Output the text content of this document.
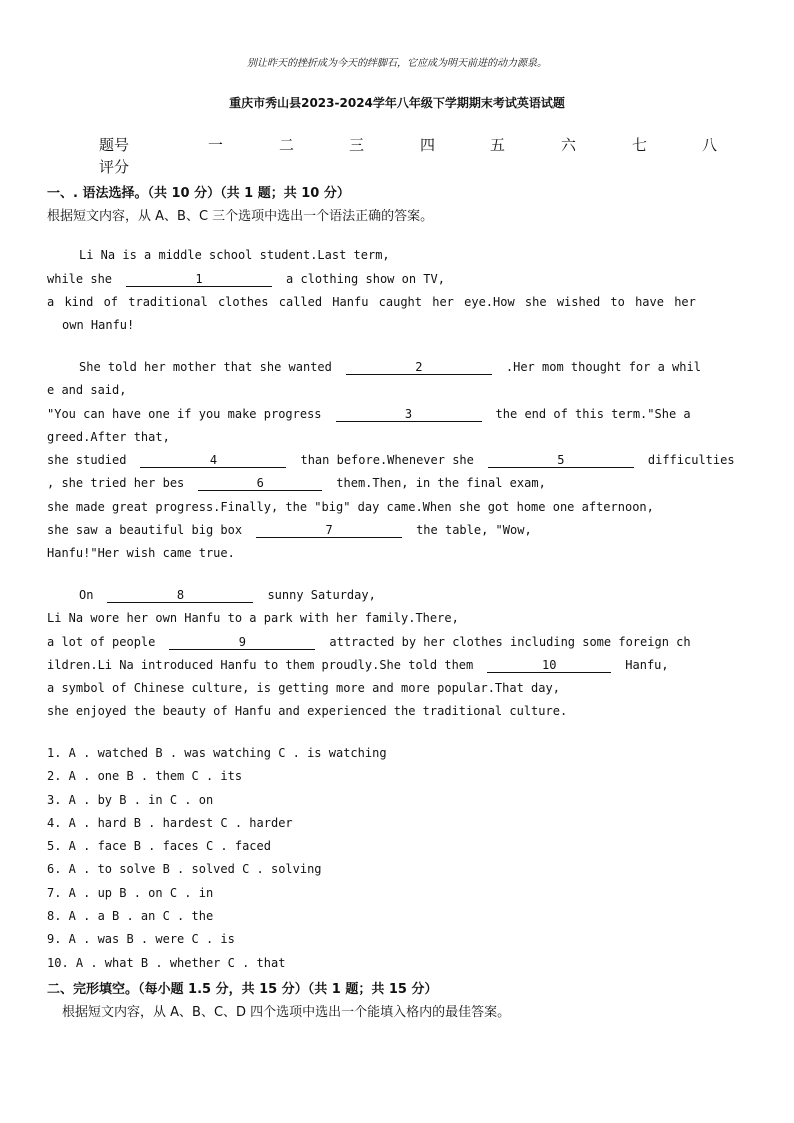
别让昨天的挫折成为今天的绊脚石，它应成为明天前进的动力源泉。
重庆市秀山县2023-2024学年八年级下学期期末考试英语试题
题号	一	二	三	四	五	六	七	八
评分
一、. 语法选择。（共 10 分）（共 1 题；共 10 分）
根据短文内容，从 A、B、C 三个选项中选出一个语法正确的答案。
Li Na is a middle school student.Last term,
while she	1	a clothing show on TV,
a kind of traditional clothes called Hanfu caught her eye.How she wished to have her
own Hanfu!
She told her mother that she wanted	2	.Her mom thought for a whil
e and said,
"You can have one if you make progress	3	the end of this term."She a
greed.After that,
she studied	4	than before.Whenever she	5	difficulties
, she tried her bes	6	them.Then, in the final exam,
she made great progress.Finally, the "big" day came.When she got home one afternoon,
she saw a beautiful big box	7	the table, "Wow,
Hanfu!"Her wish came true.
On	8	sunny Saturday,
Li Na wore her own Hanfu to a park with her family.There,
a lot of people	9	attracted by her clothes including some foreign ch
ildren.Li Na introduced Hanfu to them proudly.She told them	10	Hanfu,
a symbol of Chinese culture, is getting more and more popular.That day,
she enjoyed the beauty of Hanfu and experienced the traditional culture.
1. A . watched B . was watching C . is watching
2. A . one B . them C . its
3. A . by B . in C . on
4. A . hard B . hardest C . harder
5. A . face B . faces C . faced
6. A . to solve B . solved C . solving
7. A . up B . on C . in
8. A . a B . an C . the
9. A . was B . were C . is
10. A . what B . whether C . that
二、完形填空。（每小题 1.5 分，共 15 分）（共 1 题；共 15 分）
根据短文内容，从 A、B、C、D 四个选项中选出一个能填入格内的最佳答案。
